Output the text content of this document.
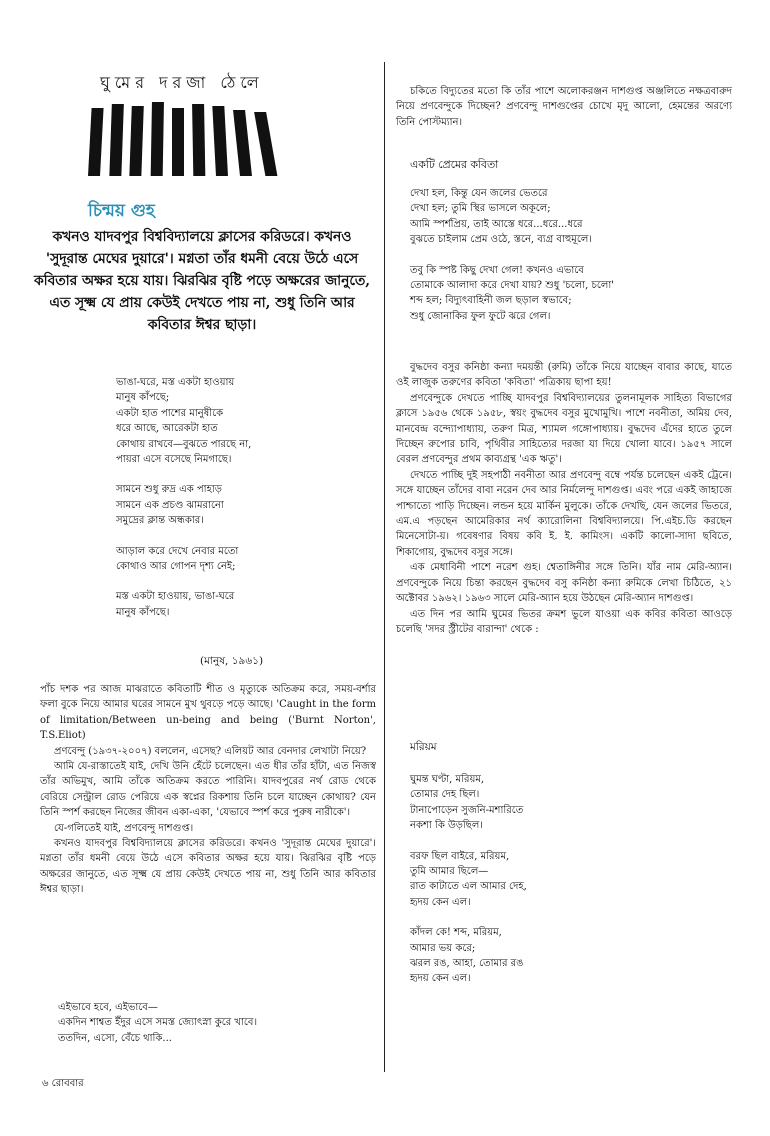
ঘুমের দরজা ঠেলে
চিন্ময় গুহ
কখনও যাদবপুর বিশ্ববিদ্যালয়ে ক্লাসের করিডরে। কখনও 'সুদূরান্ত মেঘের দুয়ারে'। মগ্নতা তাঁর ধমনী বেয়ে উঠে এসে কবিতার অক্ষর হয়ে যায়। ঝিরঝির বৃষ্টি পড়ে অক্ষরের জানুতে, এত সূক্ষ্ম যে প্রায় কেউই দেখতে পায় না, শুধু তিনি আর কবিতার ঈশ্বর ছাড়া।
ভাঙা-ঘরে, মস্ত একটা হাওয়ায়
মানুষ কাঁপছে;
একটা হাত পাশের মানুষীকে
ধরে আছে, আরেকটা হাত
কোথায় রাখবে—বুঝতে পারছে না,
পায়রা এসে বসেছে নিমগাছে।
সামনে শুধু রুদ্র এক পাহাড়
সামনে এক প্রচণ্ড ঝামরানো
সমুদ্রের ক্লান্ত অন্ধকার।
আড়াল করে দেখে নেবার মতো
কোথাও আর গোপন দৃশ্য নেই;
মস্ত একটা হাওয়ায়, ভাঙা-ঘরে
মানুষ কাঁপছে।
(মানুষ, ১৯৬১)

পাঁচ দশক পর আজ মাঝরাতে কবিতাটি শীত ও মৃত্যুকে অতিক্রম করে, সময়-বর্শার ফলা বুকে নিয়ে আমার ঘরের সামনে মুখ থুবড়ে পড়ে আছে। 'Caught in the form of limitation/Between un-being and being ('Burnt Norton', T.S.Eliot)

প্রণবেন্দু (১৯৩৭-২০০৭) বললেন, এসেছ? এলিয়ট আর বেনদার লেখাটা নিয়ে?

আমি যে-রাস্তাতেই যাই, দেখি উনি হেঁটে চলেছেন। এত ধীর তাঁর হাঁটা, এত নিজস্ব তাঁর অভিমুখ, আমি তাঁকে অতিক্রম করতে পারিনি। যাদবপুরের নর্থ রোড থেকে বেরিয়ে সেন্ট্রাল রোড পেরিয়ে এক স্বপ্নের রিকশায় তিনি চলে যাচ্ছেন কোথায়? যেন তিনি স্পর্শ করছেন নিজের জীবন একা-একা, 'যেভাবে স্পর্শ করে পুরুষ নারীকে'।

যে-গলিতেই যাই, প্রণবেন্দু দাশগুপ্ত।

কখনও যাদবপুর বিশ্ববিদ্যালয়ে ক্লাসের করিডরে। কখনও 'সুদূরান্ত মেঘের দুয়ারে'। মগ্নতা তাঁর ধমনী বেয়ে উঠে এসে কবিতার অক্ষর হয়ে যায়। ঝিরঝির বৃষ্টি পড়ে অক্ষরের জানুতে, এত সূক্ষ্ম যে প্রায় কেউই দেখতে পায় না, শুধু তিনি আর কবিতার ঈশ্বর ছাড়া।

এইভাবে হবে, এইভাবে—
একদিন শাশ্বত ইঁদুর এসে সমস্ত জ্যোৎস্না কুরে খাবে।
ততদিন, এসো, বেঁচে থাকি...
৬ রোববার

চকিতে বিদ্যুতের মতো কি তাঁর পাশে অলোকরঞ্জন দাশগুপ্ত অঞ্জলিতে নক্ষত্রবারুদ নিয়ে প্রণবেন্দুকে দিচ্ছেন? প্রণবেন্দু দাশগুপ্তের চোখে মৃদু আলো, হেমন্তের অরণ্যে তিনি পোস্টম্যান।

একটি প্রেমের কবিতা
দেখা হল, কিন্তু যেন জলের ভেতরে
দেখা হল; তুমি স্থির ভাসলে অকূলে;
আমি স্পর্শপ্রিয়, তাই আস্তে ধরে...ধরে...ধরে
বুঝতে চাইলাম প্রেম ওঠে, স্তনে, ব্যগ্র বাহুমূলে।
তবু কি স্পষ্ট কিছু দেখা গেল! কখনও এভাবে
তোমাকে আলাদা করে দেখা যায়? শুধু 'চলো, চলো'
শব্দ হল; বিদ্যুৎবাহিনী জল ছড়াল স্বভাবে;
শুধু জোনাকির ফুল ফুটে ঝরে গেল।

বুদ্ধদেব বসুর কনিষ্ঠা কন্যা দময়ন্তী (রুমি) তাঁকে নিয়ে যাচ্ছেন বাবার কাছে, যাতে ওই লাজুক তরুণের কবিতা 'কবিতা' পত্রিকায় ছাপা হয়!

প্রণবেন্দুকে দেখতে পাচ্ছি যাদবপুর বিশ্ববিদ্যালয়ের তুলনামূলক সাহিত্য বিভাগের ক্লাসে ১৯৫৬ থেকে ১৯৫৮, স্বয়ং বুদ্ধদেব বসুর মুখোমুখি। পাশে নবনীতা, অমিয় দেব, মানবেন্দ্র বন্দ্যোপাধ্যায়, তরুণ মিত্র, শ্যামল গঙ্গোপাধ্যায়। বুদ্ধদেব এঁদের হাতে তুলে দিচ্ছেন রুপোর চাবি, পৃথিবীর সাহিত্যের দরজা যা দিয়ে খোলা যাবে। ১৯৫৭ সালে বেরল প্রণবেন্দুর প্রথম কাব্যগ্রন্থ 'এক ঋতু'।

দেখতে পাচ্ছি দুই সহপাঠী নবনীতা আর প্রণবেন্দু বম্বে পর্যন্ত চলেছেন একই ট্রেনে। সঙ্গে যাচ্ছেন তাঁদের বাবা নরেন দেব আর নির্মলেন্দু দাশগুপ্ত। এবং পরে একই জাহাজে পাশ্চাত্যে পাড়ি দিচ্ছেন। লন্ডন হয়ে মার্কিন মুলুকে। তাঁকে দেখছি, যেন জলের ভিতরে, এম.এ পড়ছেন আমেরিকার নর্থ ক্যারোলিনা বিশ্ববিদ্যালয়ে। পি.এইচ.ডি করছেন মিনেসোটা-য়। গবেষণার বিষয় কবি ই. ই. কামিংস। একটি কালো-সাদা ছবিতে, শিকাগোয়, বুদ্ধদেব বসুর সঙ্গে।

এক মেধাবিনী পাশে নরেশ গুহ। শ্বেতাঙ্গিনীর সঙ্গে তিনি। যাঁর নাম মেরি-অ্যান। প্রণবেন্দুকে নিয়ে চিন্তা করছেন বুদ্ধদেব বসু কনিষ্ঠা কন্যা রুমিকে লেখা চিঠিতে, ২১ অক্টোবর ১৯৬২। ১৯৬৩ সালে মেরি-অ্যান হয়ে উঠছেন মেরি-অ্যান দাশগুপ্ত।

এত দিন পর আমি ঘুমের ভিতর ক্রমশ ভুলে যাওয়া এক কবির কবিতা আওড়ে চলেছি 'সদর স্ট্রীটের বারান্দা' থেকে :

মরিয়ম
ঘুমন্ত ঘণ্টা, মরিয়ম,
তোমার দেহ ছিল।
টানাপোড়েন সুজনি-মশারিতে
নকশা কি উড়ছিল।
বরফ ছিল বাইরে, মরিয়ম,
তুমি আমার ছিলে—
রাত কাটাতে এল আমার দেহ,
হৃদয় কেন এল।
কাঁদল কে! শব্দ, মরিয়ম,
আমার ভয় করে;
ঝরল রঙ, আহা, তোমার রঙ
হৃদয় কেন এল।
